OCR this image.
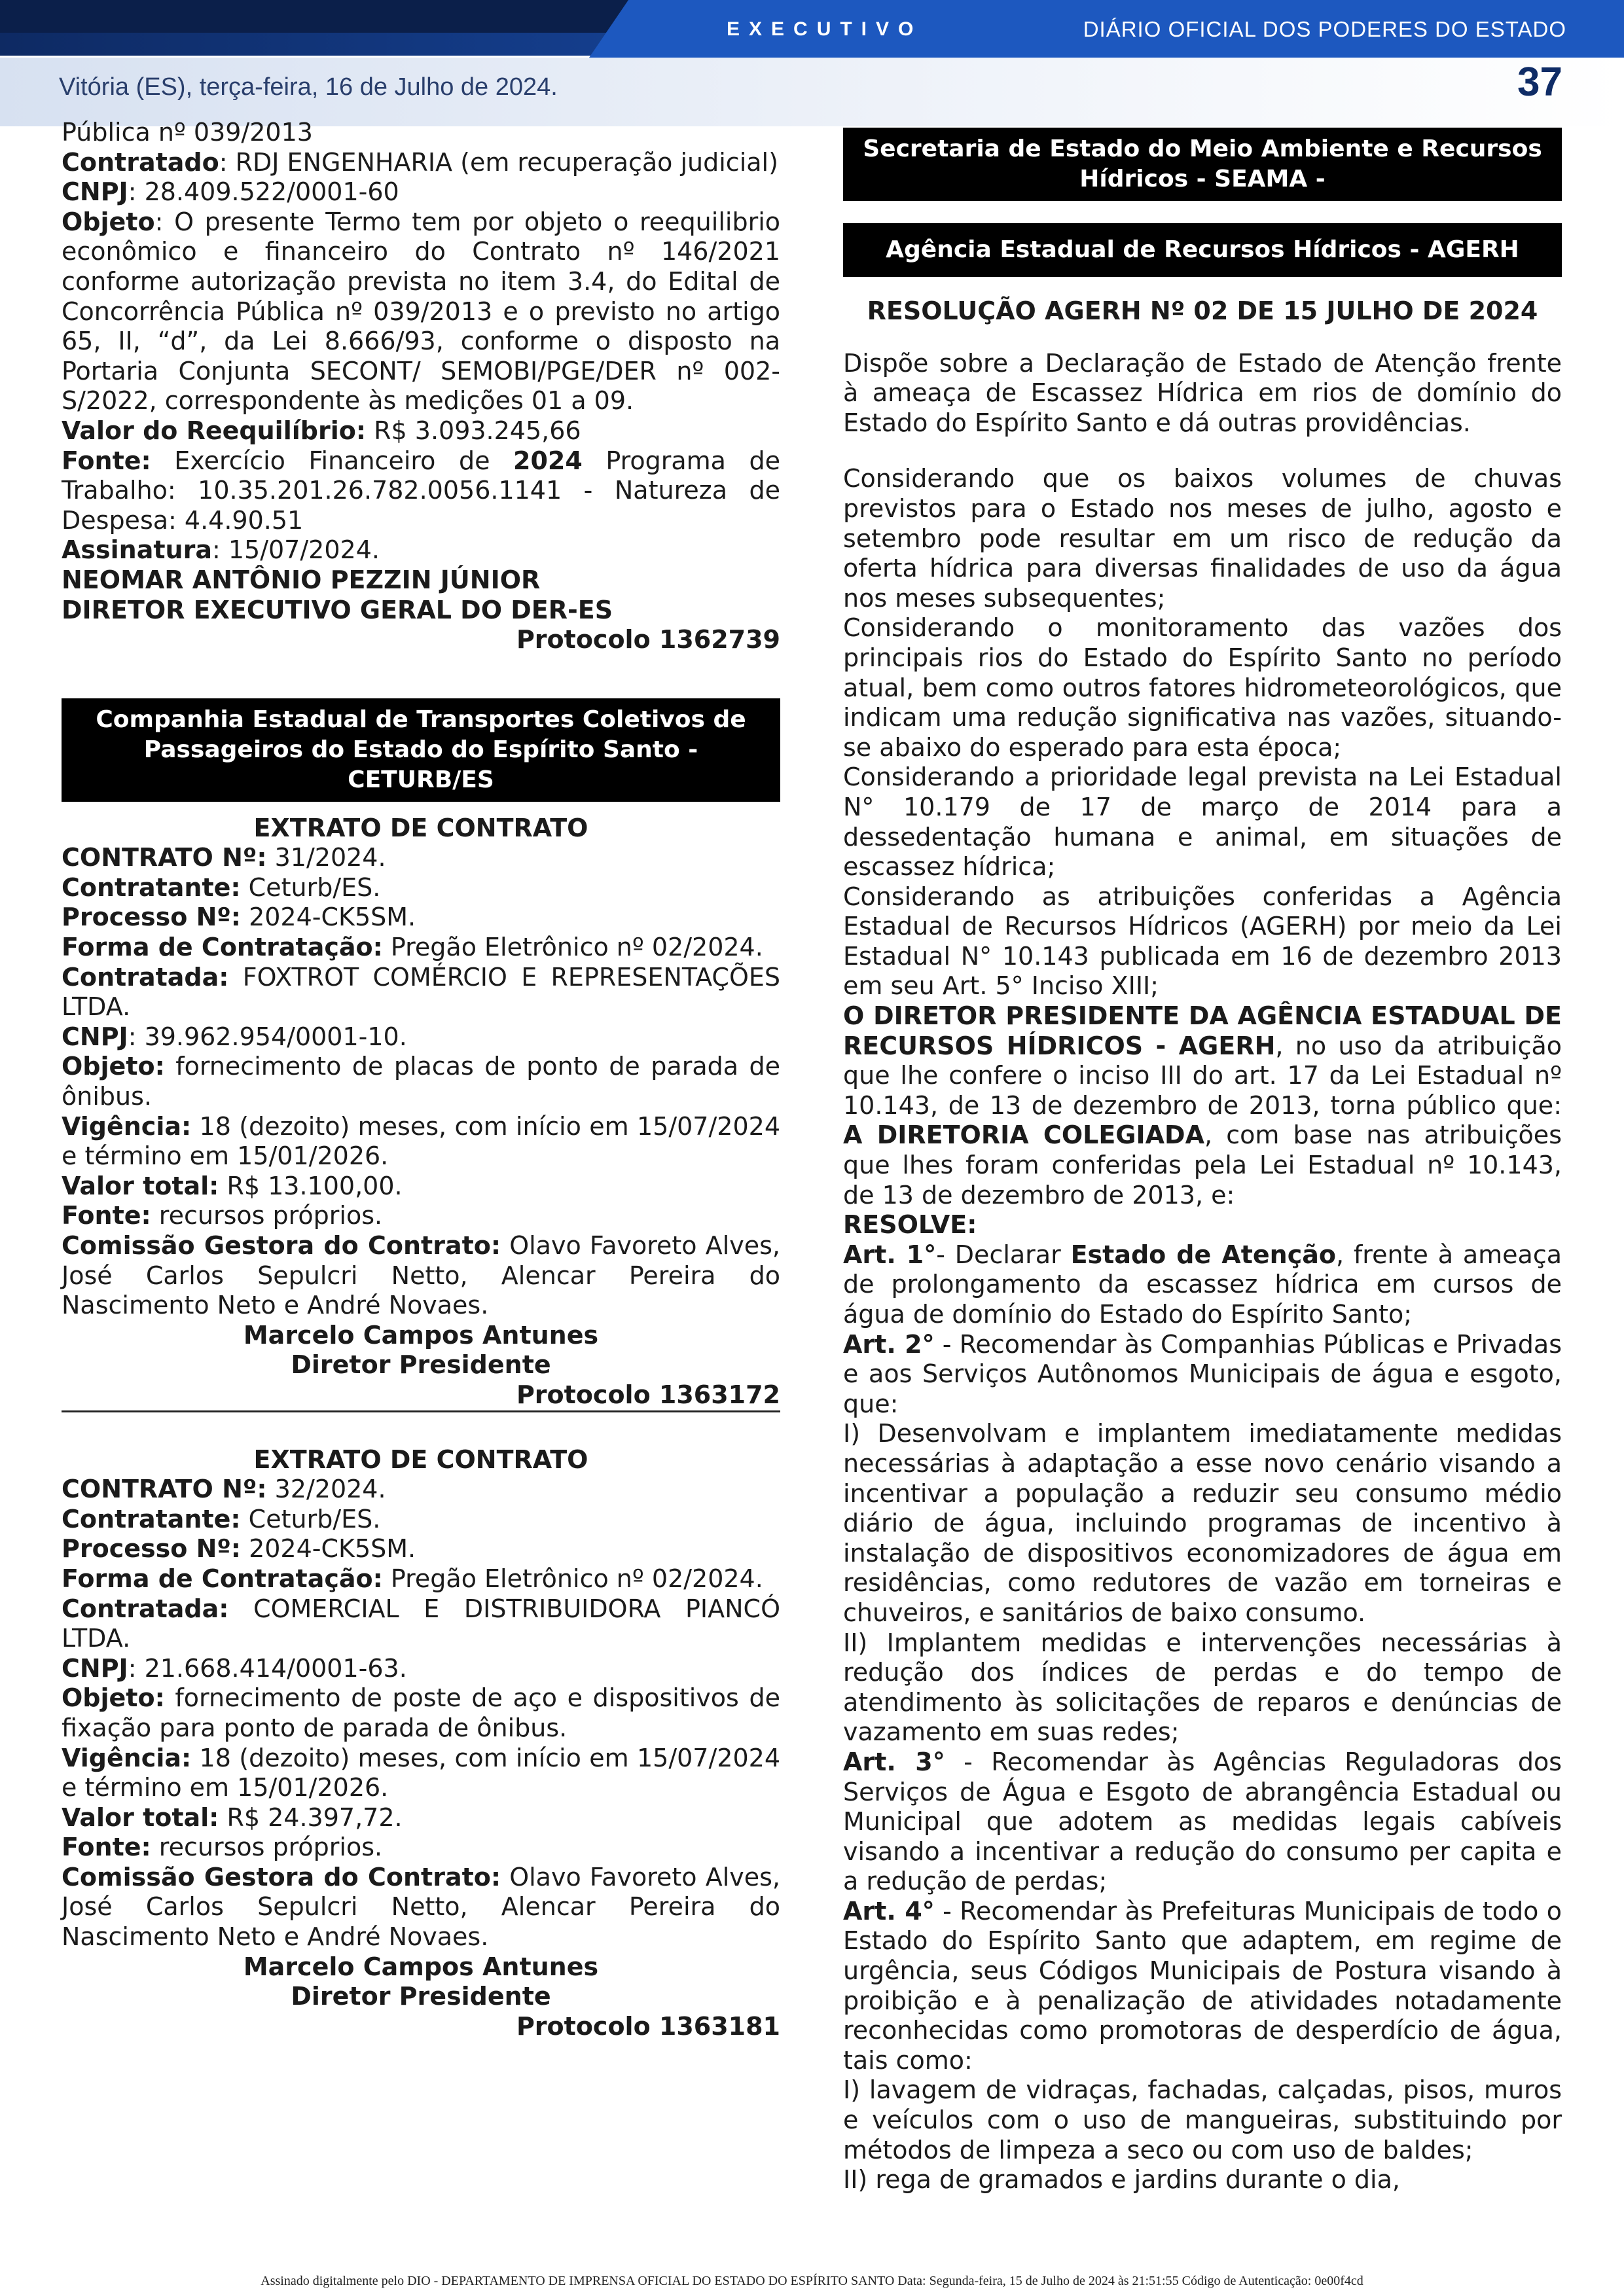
EXECUTIVO	DIÁRIO OFICIAL DOS PODERES DO ESTADO
Vitória (ES), terça-feira, 16 de Julho de 2024.	37

Pública nº 039/2013

Contratado: RDJ ENGENHARIA (em recuperação judicial)

CNPJ: 28.409.522/0001-60

Objeto: O presente Termo tem por objeto o reequilibrio econômico e financeiro do Contrato nº 146/2021 conforme autorização prevista no item 3.4, do Edital de Concorrência Pública nº 039/2013 e o previsto no artigo 65, II, “d”, da Lei 8.666/93, conforme o disposto na Portaria Conjunta SECONT/ SEMOBI/PGE/DER nº 002-S/2022, correspondente às medições 01 a 09.

Valor do Reequilíbrio: R$ 3.093.245,66

Fonte: Exercício Financeiro de 2024 Programa de Trabalho: 10.35.201.26.782.0056.1141 - Natureza de Despesa: 4.4.90.51

Assinatura: 15/07/2024.

NEOMAR ANTÔNIO PEZZIN JÚNIOR

DIRETOR EXECUTIVO GERAL DO DER-ES

Protocolo 1362739

Companhia Estadual de Transportes Coletivos de Passageiros do Estado do Espírito Santo - CETURB/ES

EXTRATO DE CONTRATO

CONTRATO Nº: 31/2024.

Contratante: Ceturb/ES.

Processo Nº: 2024-CK5SM.

Forma de Contratação: Pregão Eletrônico nº 02/2024.

Contratada: FOXTROT COMÉRCIO E REPRESENTAÇÕES LTDA.

CNPJ: 39.962.954/0001-10.

Objeto: fornecimento de placas de ponto de parada de ônibus.

Vigência: 18 (dezoito) meses, com início em 15/07/2024 e término em 15/01/2026.

Valor total: R$ 13.100,00.

Fonte: recursos próprios.

Comissão Gestora do Contrato: Olavo Favoreto Alves, José Carlos Sepulcri Netto, Alencar Pereira do Nascimento Neto e André Novaes.

Marcelo Campos Antunes

Diretor Presidente

Protocolo 1363172

EXTRATO DE CONTRATO

CONTRATO Nº: 32/2024.

Contratante: Ceturb/ES.

Processo Nº: 2024-CK5SM.

Forma de Contratação: Pregão Eletrônico nº 02/2024.

Contratada: COMERCIAL E DISTRIBUIDORA PIANCÓ LTDA.

CNPJ: 21.668.414/0001-63.

Objeto: fornecimento de poste de aço e dispositivos de fixação para ponto de parada de ônibus.

Vigência: 18 (dezoito) meses, com início em 15/07/2024 e término em 15/01/2026.

Valor total: R$ 24.397,72.

Fonte: recursos próprios.

Comissão Gestora do Contrato: Olavo Favoreto Alves, José Carlos Sepulcri Netto, Alencar Pereira do Nascimento Neto e André Novaes.

Marcelo Campos Antunes

Diretor Presidente

Protocolo 1363181

Secretaria de Estado do Meio Ambiente e Recursos Hídricos - SEAMA -
Agência Estadual de Recursos Hídricos - AGERH

RESOLUÇÃO AGERH Nº 02 DE 15 JULHO DE 2024

Dispõe sobre a Declaração de Estado de Atenção frente à ameaça de Escassez Hídrica em rios de domínio do Estado do Espírito Santo e dá outras providências.

Considerando que os baixos volumes de chuvas previstos para o Estado nos meses de julho, agosto e setembro pode resultar em um risco de redução da oferta hídrica para diversas finalidades de uso da água nos meses subsequentes;

Considerando o monitoramento das vazões dos principais rios do Estado do Espírito Santo no período atual, bem como outros fatores hidrometeorológicos, que indicam uma redução significativa nas vazões, situando-se abaixo do esperado para esta época;

Considerando a prioridade legal prevista na Lei Estadual N° 10.179 de 17 de março de 2014 para a dessedentação humana e animal, em situações de escassez hídrica;

Considerando as atribuições conferidas a Agência Estadual de Recursos Hídricos (AGERH) por meio da Lei Estadual N° 10.143 publicada em 16 de dezembro 2013 em seu Art. 5° Inciso XIII;

O DIRETOR PRESIDENTE DA AGÊNCIA ESTADUAL DE RECURSOS HÍDRICOS - AGERH, no uso da atribuição que lhe confere o inciso III do art. 17 da Lei Estadual nº 10.143, de 13 de dezembro de 2013, torna público que: A DIRETORIA COLEGIADA, com base nas atribuições que lhes foram conferidas pela Lei Estadual nº 10.143, de 13 de dezembro de 2013, e:

RESOLVE:

Art. 1°- Declarar Estado de Atenção, frente à ameaça de prolongamento da escassez hídrica em cursos de água de domínio do Estado do Espírito Santo;

Art. 2° - Recomendar às Companhias Públicas e Privadas e aos Serviços Autônomos Municipais de água e esgoto, que:

I) Desenvolvam e implantem imediatamente medidas necessárias à adaptação a esse novo cenário visando a incentivar a população a reduzir seu consumo médio diário de água, incluindo programas de incentivo à instalação de dispositivos economizadores de água em residências, como redutores de vazão em torneiras e chuveiros, e sanitários de baixo consumo.

II) Implantem medidas e intervenções necessárias à redução dos índices de perdas e do tempo de atendimento às solicitações de reparos e denúncias de vazamento em suas redes;

Art. 3° - Recomendar às Agências Reguladoras dos Serviços de Água e Esgoto de abrangência Estadual ou Municipal que adotem as medidas legais cabíveis visando a incentivar a redução do consumo per capita e a redução de perdas;

Art. 4° - Recomendar às Prefeituras Municipais de todo o Estado do Espírito Santo que adaptem, em regime de urgência, seus Códigos Municipais de Postura visando à proibição e à penalização de atividades notadamente reconhecidas como promotoras de desperdício de água, tais como:

I) lavagem de vidraças, fachadas, calçadas, pisos, muros e veículos com o uso de mangueiras, substituindo por métodos de limpeza a seco ou com uso de baldes;

II) rega de gramados e jardins durante o dia,

Assinado digitalmente pelo DIO - DEPARTAMENTO DE IMPRENSA OFICIAL DO ESTADO DO ESPÍRITO SANTO Data: Segunda-feira, 15 de Julho de 2024 às 21:51:55 Código de Autenticação: 0e00f4cd
